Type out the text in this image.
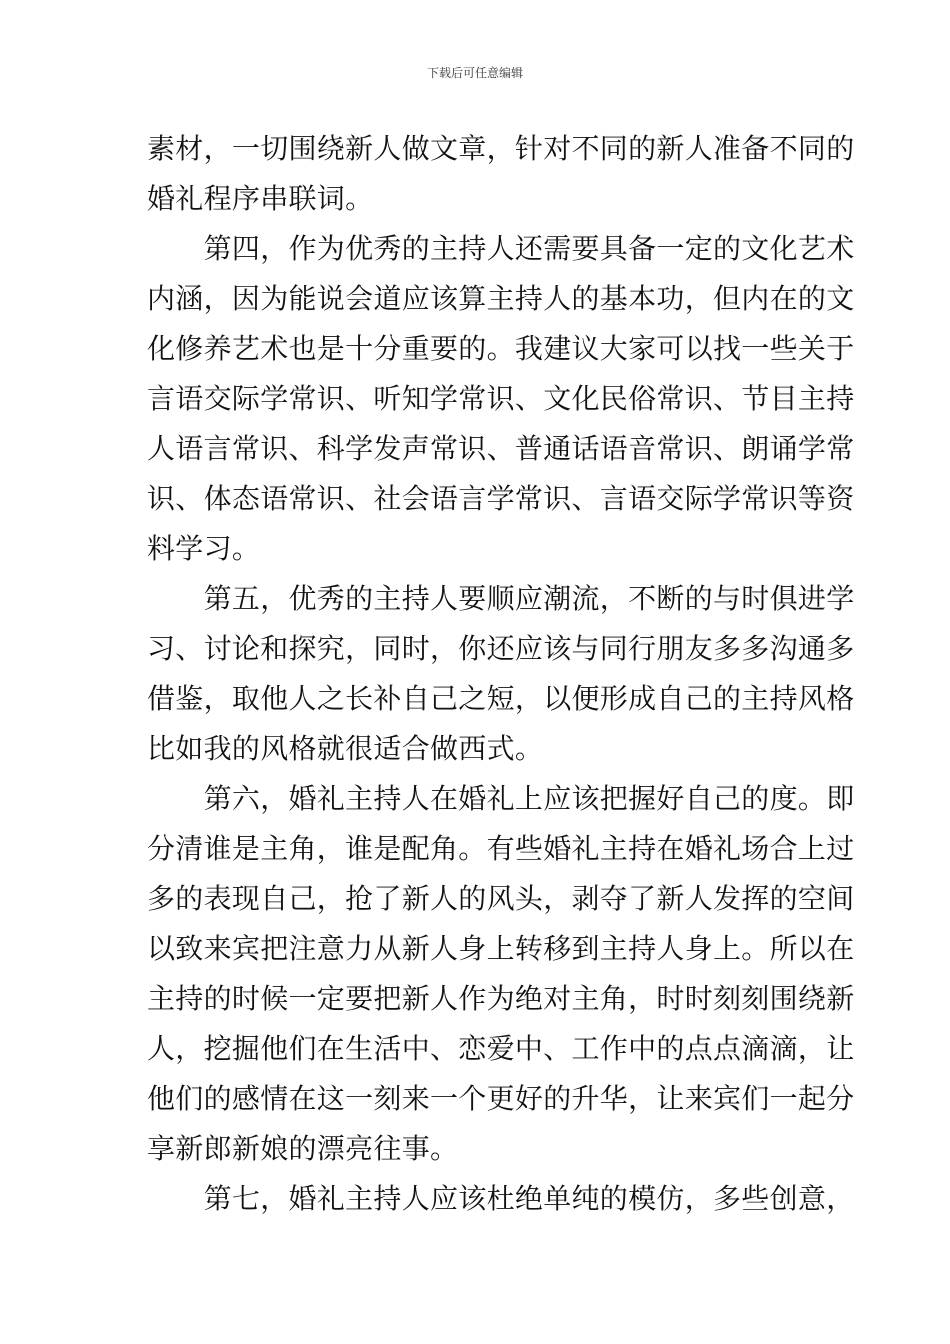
下载后可任意编辑
素材，一切围绕新人做文章，针对不同的新人准备不同的
婚礼程序串联词。
　　第四，作为优秀的主持人还需要具备一定的文化艺术
内涵，因为能说会道应该算主持人的基本功，但内在的文
化修养艺术也是十分重要的。我建议大家可以找一些关于
言语交际学常识、听知学常识、文化民俗常识、节目主持
人语言常识、科学发声常识、普通话语音常识、朗诵学常
识、体态语常识、社会语言学常识、言语交际学常识等资
料学习。
　　第五，优秀的主持人要顺应潮流，不断的与时俱进学
习、讨论和探究，同时，你还应该与同行朋友多多沟通多
借鉴，取他人之长补自己之短，以便形成自己的主持风格
比如我的风格就很适合做西式。
　　第六，婚礼主持人在婚礼上应该把握好自己的度。即
分清谁是主角，谁是配角。有些婚礼主持在婚礼场合上过
多的表现自己，抢了新人的风头，剥夺了新人发挥的空间
以致来宾把注意力从新人身上转移到主持人身上。所以在
主持的时候一定要把新人作为绝对主角，时时刻刻围绕新
人，挖掘他们在生活中、恋爱中、工作中的点点滴滴，让
他们的感情在这一刻来一个更好的升华，让来宾们一起分
享新郎新娘的漂亮往事。
　　第七，婚礼主持人应该杜绝单纯的模仿，多些创意，
